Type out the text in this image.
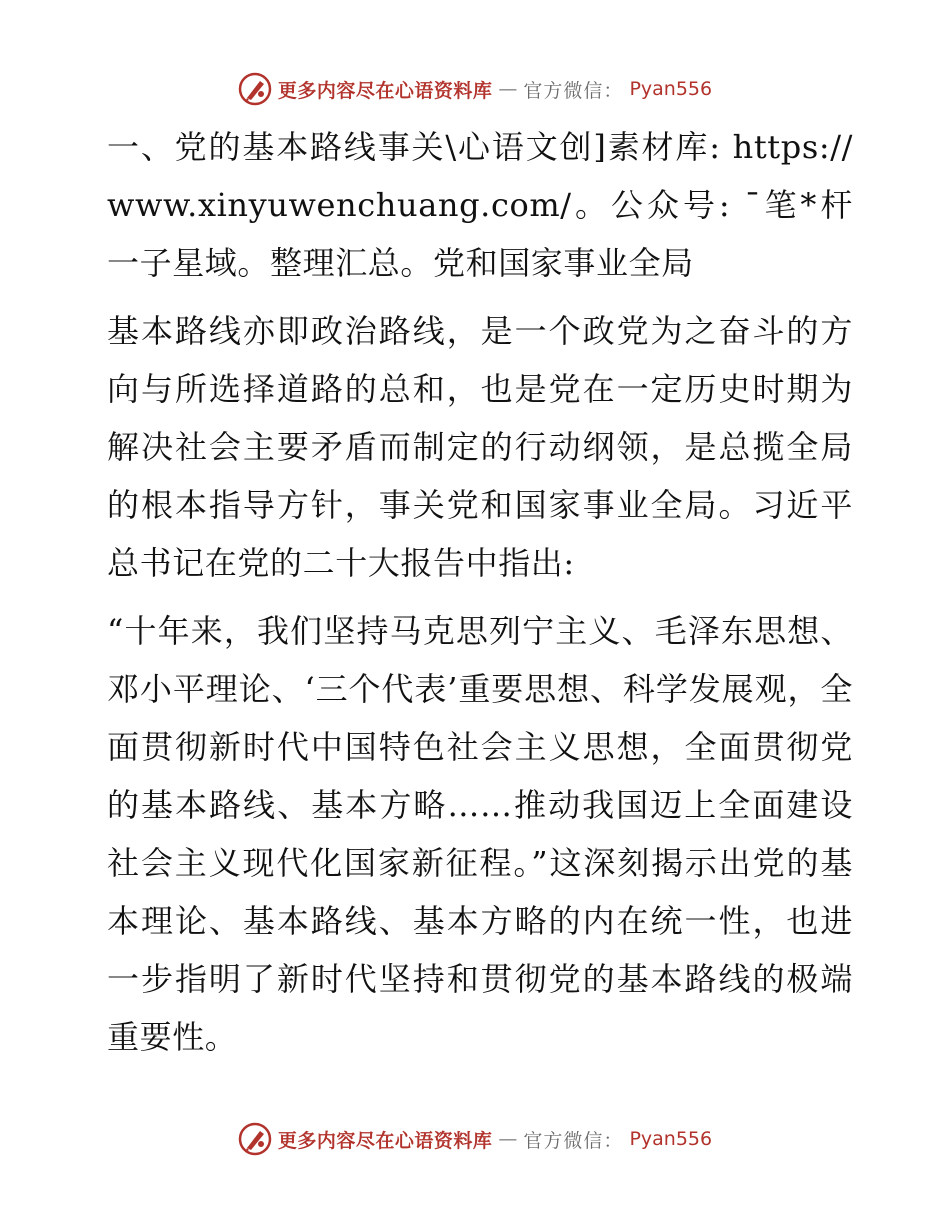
更多内容尽在心语资料库 — 官方微信： Pyan556

一、党的基本路线事关\心语文创]素材库: https://www.xinyuwenchuang.com/。公众号: ¯笔*杆一子星域。整理汇总。党和国家事业全局

基本路线亦即政治路线，是一个政党为之奋斗的方向与所选择道路的总和，也是党在一定历史时期为解决社会主要矛盾而制定的行动纲领，是总揽全局的根本指导方针，事关党和国家事业全局。习近平总书记在党的二十大报告中指出:

“十年来，我们坚持马克思列宁主义、毛泽东思想、邓小平理论、‘三个代表’重要思想、科学发展观，全面贯彻新时代中国特色社会主义思想，全面贯彻党的基本路线、基本方略……推动我国迈上全面建设社会主义现代化国家新征程。”这深刻揭示出党的基本理论、基本路线、基本方略的内在统一性，也进一步指明了新时代坚持和贯彻党的基本路线的极端重要性。

更多内容尽在心语资料库 — 官方微信： Pyan556
